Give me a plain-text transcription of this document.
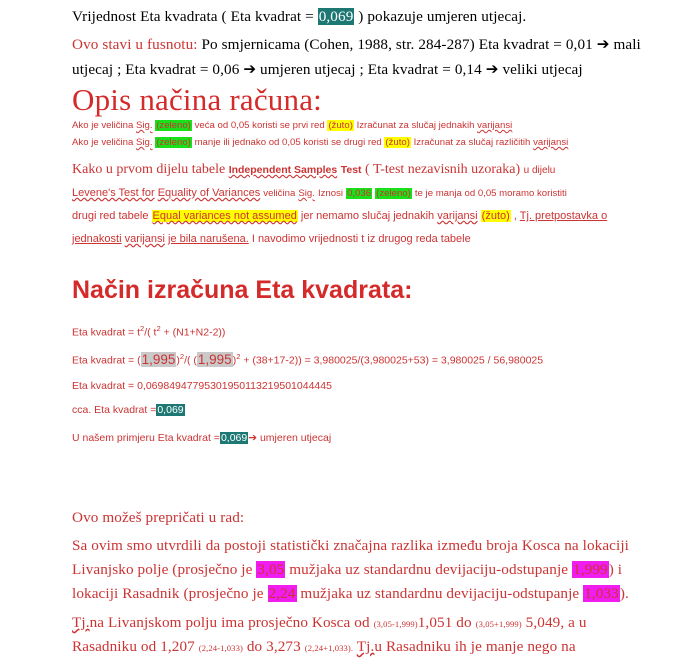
Vrijednost Eta kvadrata ( Eta kvadrat = 0,069 ) pokazuje umjeren utjecaj.
Ovo stavi u fusnotu: Po smjernicama (Cohen, 1988, str. 284-287) Eta kvadrat = 0,01 ➔ mali
utjecaj ; Eta kvadrat = 0,06 ➔ umjeren utjecaj ; Eta kvadrat = 0,14 ➔ veliki utjecaj
Opis načina računa:
Ako je veličina Sig. (zeleno) veća od 0,05 koristi se prvi red (žuto) Izračunat za slučaj jednakih varijansi
Ako je veličina Sig. (zeleno) manje ili jednako od 0,05 koristi se drugi red (žuto) Izračunat za slučaj različitih varijansi
Kako u prvom dijelu tabele Independent Samples Test ( T-test nezavisnih uzoraka) u dijelu
Levene's Test for Equality of Variances veličina Sig. Iznosi 0,036 (zeleno) te je manja od 0,05 moramo koristiti
drugi red tabele Equal variances not assumed jer nemamo slučaj jednakih varijansi (žuto) , Tj. pretpostavka o
jednakosti varijansi je bila narušena. I navodimo vrijednosti t iz drugog reda tabele
Način izračuna Eta kvadrata:
Eta kvadrat = $t^2/$( $t^2 + (N1+N2-2)$)
Eta kvadrat = $(1,995)^2/$( $(1,995)^2 + (38+17-2)) = 3,980025/(3,980025+53) = 3,980025 / 56,980025$
Eta kvadrat = 0,06984947795301950113219501044445
cca. Eta kvadrat =0,069
U našem primjeru Eta kvadrat =0,069➔ umjeren utjecaj
Ovo možeš prepričati u rad:
Sa ovim smo utvrdili da postoji statistički značajna razlika između broja Kosca na lokaciji
Livanjsko polje (prosječno je 3,05 mužjaka uz standardnu devijaciju-odstupanje 1,999) i
lokaciji Rasadnik (prosječno je 2,24 mužjaka uz standardnu devijaciju-odstupanje 1,033).
Tj.na Livanjskom polju ima prosječno Kosca od (3,05-1,999)1,051 do (3,05+1,999) 5,049, a u
Rasadniku od 1,207 (2,24-1,033) do 3,273 (2,24+1,033). Tj.u Rasadniku ih je manje nego na
